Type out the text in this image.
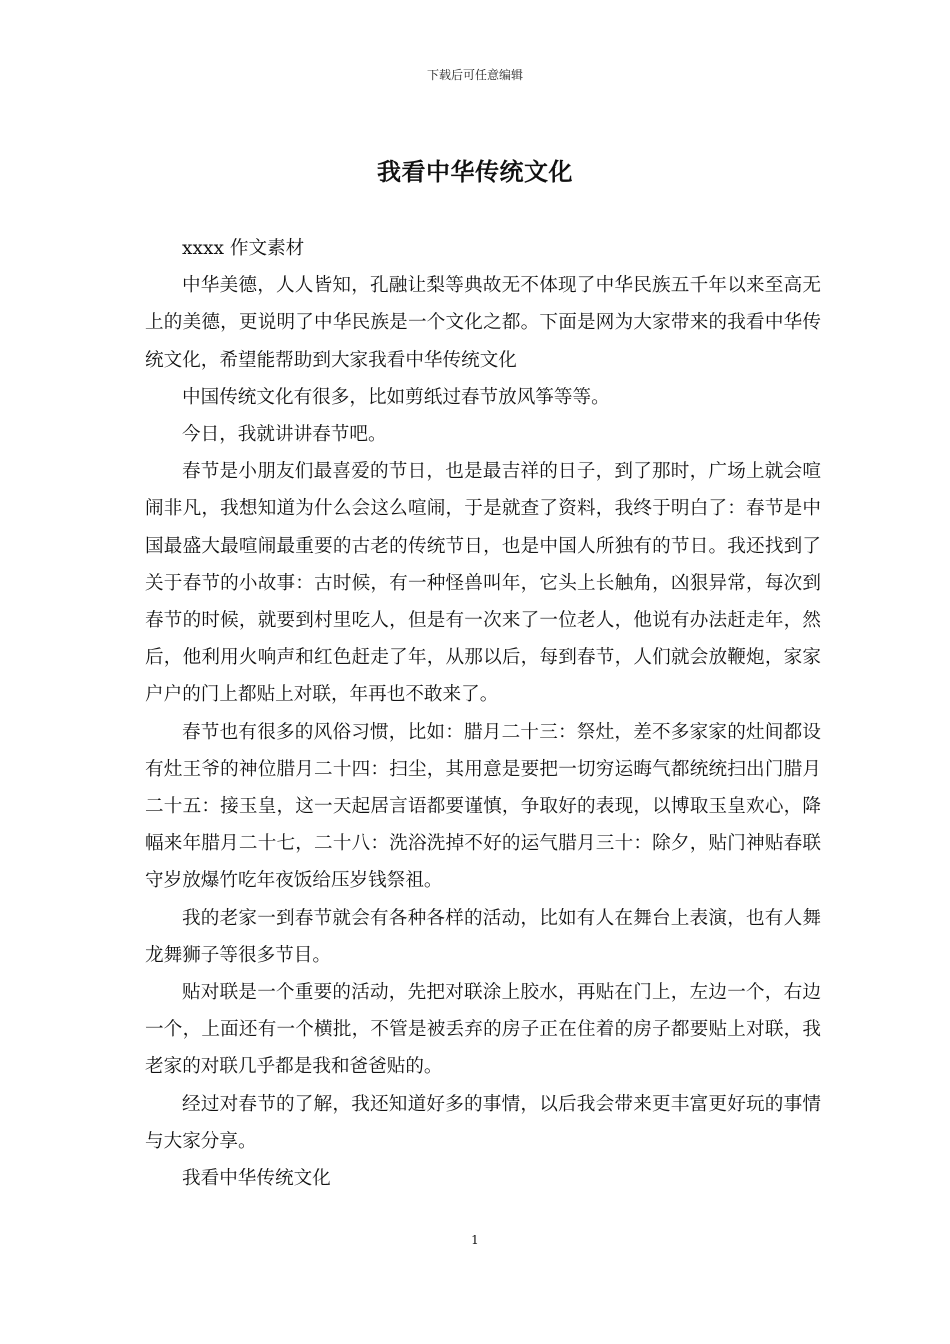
下载后可任意编辑
我看中华传统文化

xxxx 作文素材

中华美德，人人皆知，孔融让梨等典故无不体现了中华民族五千年以来至高无上的美德，更说明了中华民族是一个文化之都。下面是网为大家带来的我看中华传统文化，希望能帮助到大家我看中华传统文化

中国传统文化有很多，比如剪纸过春节放风筝等等。

今日，我就讲讲春节吧。

春节是小朋友们最喜爱的节日，也是最吉祥的日子，到了那时，广场上就会喧闹非凡，我想知道为什么会这么喧闹，于是就查了资料，我终于明白了：春节是中国最盛大最喧闹最重要的古老的传统节日，也是中国人所独有的节日。我还找到了关于春节的小故事：古时候，有一种怪兽叫年，它头上长触角，凶狠异常，每次到春节的时候，就要到村里吃人，但是有一次来了一位老人，他说有办法赶走年，然后，他利用火响声和红色赶走了年，从那以后，每到春节，人们就会放鞭炮，家家户户的门上都贴上对联，年再也不敢来了。

春节也有很多的风俗习惯，比如：腊月二十三：祭灶，差不多家家的灶间都设有灶王爷的神位腊月二十四：扫尘，其用意是要把一切穷运晦气都统统扫出门腊月二十五：接玉皇，这一天起居言语都要谨慎，争取好的表现，以博取玉皇欢心，降幅来年腊月二十七，二十八：洗浴洗掉不好的运气腊月三十：除夕，贴门神贴春联守岁放爆竹吃年夜饭给压岁钱祭祖。

我的老家一到春节就会有各种各样的活动，比如有人在舞台上表演，也有人舞龙舞狮子等很多节目。

贴对联是一个重要的活动，先把对联涂上胶水，再贴在门上，左边一个，右边一个，上面还有一个横批，不管是被丢弃的房子正在住着的房子都要贴上对联，我老家的对联几乎都是我和爸爸贴的。

经过对春节的了解，我还知道好多的事情，以后我会带来更丰富更好玩的事情与大家分享。

我看中华传统文化

1
